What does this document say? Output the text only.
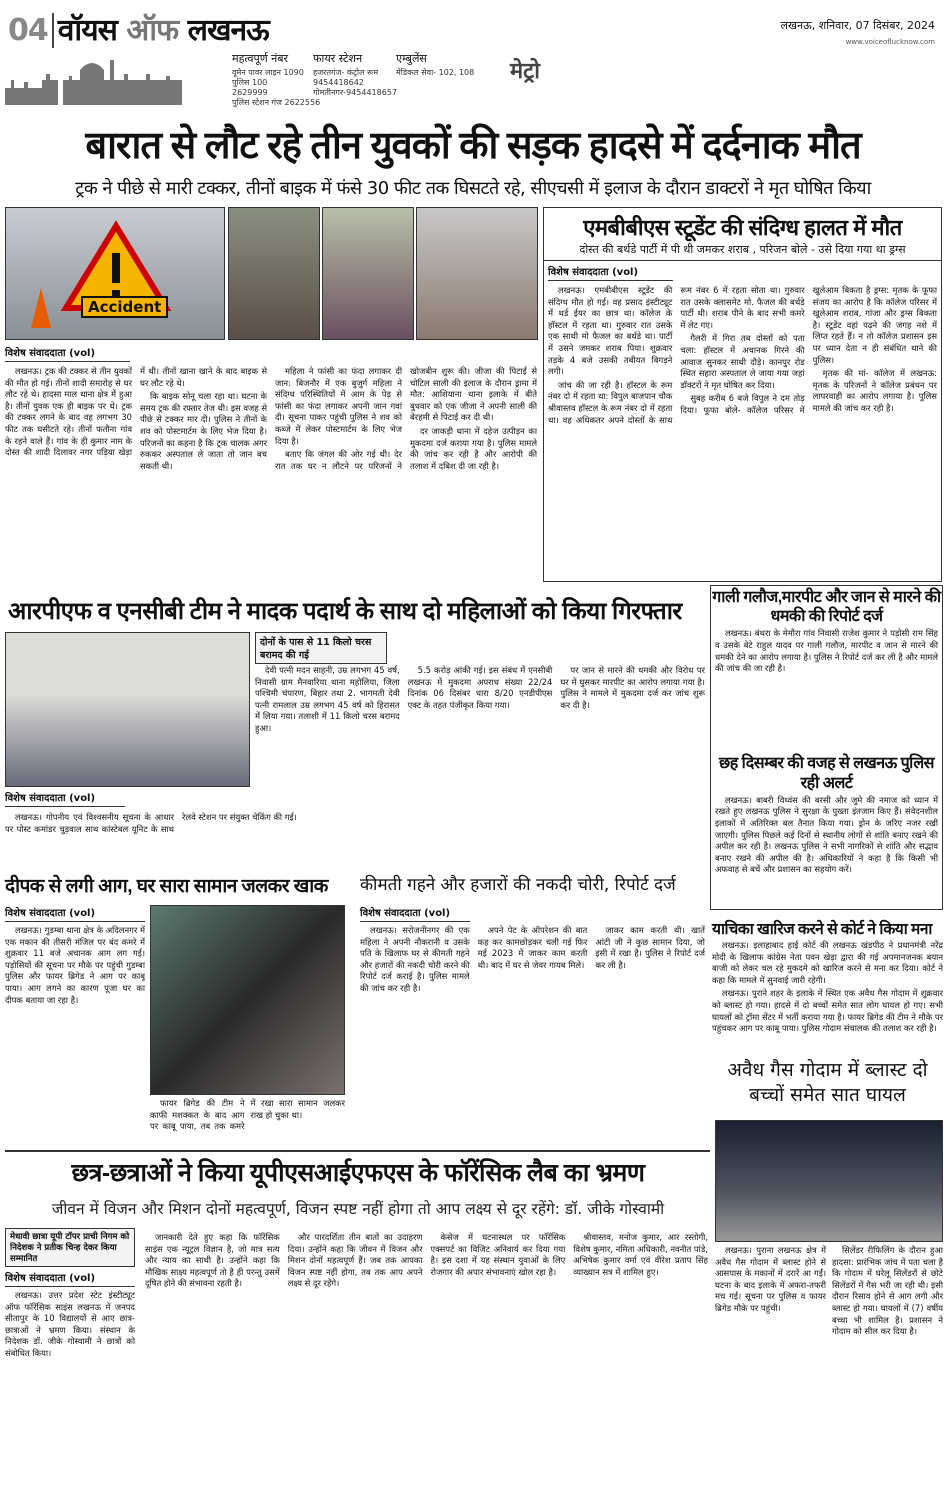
04 वॉयस ऑफ लखनऊ	लखनऊ, शनिवार, 07 दिसंबर, 2024
www.voiceoflucknow.com
महत्वपूर्ण नंबर
वूमेन पावर लाइन 1090
पुलिस 100
2629999
पुलिस स्टेशन गंज 2622556
फायर स्टेशन
हजरतगंज- कंट्रोल रूम
9454418642
गोमतीनगर-9454418657
एम्बुलेंस
मेडिकल सेवा- 102, 108 मेट्रो
बारात से लौट रहे तीन युवकों की सड़क हादसे में दर्दनाक मौत
ट्रक ने पीछे से मारी टक्कर, तीनों बाइक में फंसे 30 फीट तक घिसटते रहे, सीएचसी में इलाज के दौरान डाक्टरों ने मृत घोषित किया
Accident
विशेष संवाददाता (vol)

लखनऊ। ट्रक की टक्कर से तीन युवकों की मौत हो गई। तीनों शादी समारोह से घर लौट रहे थे। हादसा माल थाना क्षेत्र में हुआ है। तीनों युवक एक ही बाइक पर थे। ट्रक की टक्कर लगने के बाद वह लगभग 30 फीट तक घसीटते रहे। तीनों फतौना गांव के रहने वाले हैं। गांव के ही कुमार नाम के दोस्त की शादी दिलावर नगर पड़िया खेड़ा में थी। तीनों खाना खाने के बाद बाइक से घर लौट रहे थे।

कि बाइक सोनू चला रहा था। घटना के समय ट्रक की रफ्तार तेज थी। इस वजह से पीछे से टक्कर मार दी। पुलिस ने तीनों के शव को पोस्टमार्टम के लिए भेज दिया है। परिजनों का कहना है कि ट्रक चालक अगर रुककर अस्पताल ले जाता तो जान बच सकती थी।

महिला ने फांसी का फंदा लगाकर दी जान: बिजनौर में एक बुजुर्ग महिला ने संदिग्ध परिस्थितियों में आम के पेड़ से फांसी का फंदा लगाकर अपनी जान गवां दी। सूचना पाकर पहुंची पुलिस ने शव को कब्जे में लेकर पोस्टमार्टम के लिए भेज दिया है।

बताए कि जंगल की ओर गई थी। देर रात तक घर न लौटने पर परिजनों ने खोजबीन शुरू की। जीजा की पिटाई से चोटिल साली की इलाज के दौरान ड्रामा में मौत: आशियाना थाना इलाके में बीते बुधवार को एक जीजा ने अपनी साली की बेरहमी से पिटाई कर दी थी।

दर जाकड़ी थाना में दहेज उत्पीड़न का मुकदमा दर्ज कराया गया है। पुलिस मामले की जांच कर रही है और आरोपी की तलाश में दबिश दी जा रही है।

एमबीबीएस स्टूडेंट की संदिग्ध हालत में मौत
दोस्त की बर्थडे पार्टी में पी थी जमकर शराब , परिजन बोले - उसे दिया गया था ड्रग्स
विशेष संवाददाता (vol)

लखनऊ। एमबीबीएस स्टूडेंट की संदिग्ध मौत हो गई। वह प्रसाद इंस्टीट्यूट में थर्ड ईयर का छात्र था। कॉलेज के हॉस्टल में रहता था। गुरुवार रात उसके एक साथी मो फैजल का बर्थडे था। पार्टी में उसने जमकर शराब पिया। शुक्रवार तड़के 4 बजे उसकी तबीयत बिगड़ने लगी।

जांच की जा रही है। हॉस्टल के रूम नंबर दो में रहता था: विपुल बाजपान चौक श्रीवास्तव हॉस्टल के रूम नंबर दो में रहता था। वह अधिकतर अपने दोस्तों के साथ रूम नंबर 6 में रहता सोता था। गुरुवार रात उसके क्लासमेट मो. फैजल की बर्थडे पार्टी थी। शराब पीने के बाद सभी कमरे में लेट गए।

गैलरी में गिरा तब दोस्तों को पता चला: हॉस्टल में अचानक गिरने की आवाज सुनकर साथी दौड़े। कानपुर रोड स्थित सहारा अस्पताल ले जाया गया जहां डॉक्टरों ने मृत घोषित कर दिया।

सुबह करीब 6 बजे विपुल ने दम तोड़ दिया। फूफा बोले- कॉलेज परिसर में खुलेआम बिकता है ड्रग्स: मृतक के फूफा संजय का आरोप है कि कॉलेज परिसर में खुलेआम शराब, गांजा और ड्रग्स बिकता है। स्टूडेंट वहां पढ़ने की जगह नशे में लिप्त रहते हैं। न तो कॉलेज प्रशासन इस पर ध्यान देता न ही संबंधित थाने की पुलिस।

मृतक की मां- कॉलेज में लखनऊ: मृतक के परिजनों ने कॉलेज प्रबंधन पर लापरवाही का आरोप लगाया है। पुलिस मामले की जांच कर रही है।

आरपीएफ व एनसीबी टीम ने मादक पदार्थ के साथ दो महिलाओं को किया गिरफ्तार
विशेष संवाददाता (vol)
दोनों के पास से 11 किलो चरस बरामद की गई

लखनऊ। गोपनीय एवं विश्वसनीय सूचना के आधार पर पोस्ट कमांडर चुड़वाल साथ कांस्टेबल यूनिट के साथ रेलवे स्टेशन पर संयुक्त चेकिंग की गई।

देवी पत्नी मदन साहनी, उम्र लगभग 45 वर्ष, निवासी ग्राम मैनवारिया थाना महोलिया, जिला पश्चिमी चंपारण, बिहार तथा 2. भागमती देवी पत्नी रामलाल उम्र लगभग 45 वर्ष को हिरासत में लिया गया। तलाशी में 11 किलो चरस बरामद हुआ।

5.5 करोड़ आंकी गई। इस संबंध में एनसीबी लखनऊ में मुकदमा अपराध संख्या 22/24 दिनांक 06 दिसंबर धारा 8/20 एनडीपीएस एक्ट के तहत पंजीकृत किया गया।

पर जान से मारने की धमकी और विरोध पर घर में घुसकर मारपीट का आरोप लगाया गया है। पुलिस ने मामले में मुकदमा दर्ज कर जांच शुरू कर दी है।

गाली गलौज,मारपीट और जान से मारने की धमकी की रिपोर्ट दर्ज

लखनऊ। बंथरा के मेमौरा गांव निवासी राजेश कुमार ने पड़ोसी राम सिंह व उसके बेटे राहुल यादव पर गाली गलौज, मारपीट व जान से मारने की धमकी देने का आरोप लगाया है। पुलिस ने रिपोर्ट दर्ज कर ली है और मामले की जांच की जा रही है।

छह दिसम्बर की वजह से लखनऊ पुलिस रही अलर्ट

लखनऊ। बाबरी विध्वंस की बरसी और जुमे की नमाज को ध्यान में रखते हुए लखनऊ पुलिस ने सुरक्षा के पुख्ता इंतजाम किए हैं। संवेदनशील इलाकों में अतिरिक्त बल तैनात किया गया। ड्रोन के जरिए नजर रखी जाएगी। पुलिस पिछले कई दिनों से स्थानीय लोगों से शांति बनाए रखने की अपील कर रही है। लखनऊ पुलिस ने सभी नागरिकों से शांति और सद्भाव बनाए रखने की अपील की है। अधिकारियों ने कहा है कि किसी भी अफवाह से बचें और प्रशासन का सहयोग करें।

याचिका खारिज करने से कोर्ट ने किया मना

लखनऊ। इलाहाबाद हाई कोर्ट की लखनऊ खंडपीठ ने प्रधानमंत्री नरेंद्र मोदी के खिलाफ कांग्रेस नेता पवन खेड़ा द्वारा की गई अपमानजनक बयान बाजी को लेकर चल रहे मुकदमे को खारिज करने से मना कर दिया। कोर्ट ने कहा कि मामले में सुनवाई जारी रहेगी।

लखनऊ। पुराने शहर के इलाके में स्थित एक अवैध गैस गोदाम में शुक्रवार को ब्लास्ट हो गया। हादसे में दो बच्चों समेत सात लोग घायल हो गए। सभी घायलों को ट्रॉमा सेंटर में भर्ती कराया गया है। फायर ब्रिगेड की टीम ने मौके पर पहुंचकर आग पर काबू पाया। पुलिस गोदाम संचालक की तलाश कर रही है।

अवैध गैस गोदाम में ब्लास्ट दो बच्चों समेत सात घायल

लखनऊ। पुराना लखनऊ क्षेत्र में अवैध गैस गोदाम में ब्लास्ट होने से आसपास के मकानों में दरारें आ गईं। घटना के बाद इलाके में अफरा-तफरी मच गई। सूचना पर पुलिस व फायर ब्रिगेड मौके पर पहुंची।

सिलेंडर रीफिलिंग के दौरान हुआ हादसा: प्रारंभिक जांच में पता चला है कि गोदाम में घरेलू सिलेंडरों से छोटे सिलेंडरों में गैस भरी जा रही थी। इसी दौरान रिसाव होने से आग लगी और ब्लास्ट हो गया। घायलों में (7) वर्षीय बच्चा भी शामिल है। प्रशासन ने गोदाम को सील कर दिया है।

दीपक से लगी आग, घर सारा सामान जलकर खाक
विशेष संवाददाता (vol)

लखनऊ। गुडम्बा थाना क्षेत्र के अदिलनगर में एक मकान की तीसरी मंजिल पर बंद कमरे में शुक्रवार 11 बजे अचानक आग लग गई। पड़ोसियों की सूचना पर मौके पर पहुंची गुडम्बा पुलिस और फायर ब्रिगेड ने आग पर काबू पाया। आग लगने का कारण पूजा घर का दीपक बताया जा रहा है।

फायर ब्रिगेड की टीम ने काफी मशक्कत के बाद आग पर काबू पाया, तब तक कमरे में रखा सारा सामान जलकर राख हो चुका था।

कीमती गहने और हजारों की नकदी चोरी, रिपोर्ट दर्ज
विशेष संवाददाता (vol)

लखनऊ। सरोजनीनगर की एक महिला ने अपनी नौकरानी व उसके पति के खिलाफ घर से कीमती गहने और हजारों की नकदी चोरी करने की रिपोर्ट दर्ज कराई है। पुलिस मामले की जांच कर रही है।

अपने पेट के ऑपरेशन की बात कह कर कामछोड़कर चली गई फिर मई 2023 में जाकर काम करती थी। बाद में घर से जेवर गायब मिले।

जाकर काम करती थी। खातें आंटी जी ने कुछ सामान दिया, जो इसी में रखा है। पुलिस ने रिपोर्ट दर्ज कर ली है।

छत्र-छत्राओं ने किया यूपीएसआईएफएस के फॉरेंसिक लैब का भ्रमण
जीवन में विजन और मिशन दोनों महत्वपूर्ण, विजन स्पष्ट नहीं होगा तो आप लक्ष्य से दूर रहेंगे: डॉ. जीके गोस्वामी
मेधावी छात्रा यूपी टॉपर प्राची निगम को निदेशक ने प्रतीक चिन्ह देकर किया सम्मानित
विशेष संवाददाता (vol)

लखनऊ। उत्तर प्रदेश स्टेट इंस्टीट्यूट ऑफ फॉरेंसिक साइंस लखनऊ में जनपद सीतापुर के 10 विद्यालयों से आए छात्र-छात्राओं ने भ्रमण किया। संस्थान के निदेशक डॉ. जीके गोस्वामी ने छात्रों को संबोधित किया।

जानकारी देते हुए कहा कि फॉरेंसिक साइंस एक न्यूट्रल विज्ञान है, जो मात्र सत्य और न्याय का साथी है। उन्होंने कहा कि मौखिक साक्ष्य महत्वपूर्ण तो है ही परन्तु उसमें दूषित होने की संभावना रहती है।

और पारदर्शिता तीन बातों का उदाहरण दिया। उन्होंने कहा कि जीवन में विजन और मिशन दोनों महत्वपूर्ण हैं। जब तक आपका विजन स्पष्ट नहीं होगा, तब तक आप अपने लक्ष्य से दूर रहेंगे।

केसेज में घटनास्थल पर फॉरेंसिक एक्सपर्ट का विजिट अनिवार्य कर दिया गया है। इस दशा में यह संस्थान युवाओं के लिए रोजगार की अपार संभावनाएं खोल रहा है।

श्रीवास्तव, मनोज कुमार, आर रस्तोगी, विशेष कुमार, नमिता अधिकारी, नवनीत पांडे, अभिषेक कुमार वर्मा एवं वीरेश प्रताप सिंह व्याख्यान सत्र में शामिल हुए।
